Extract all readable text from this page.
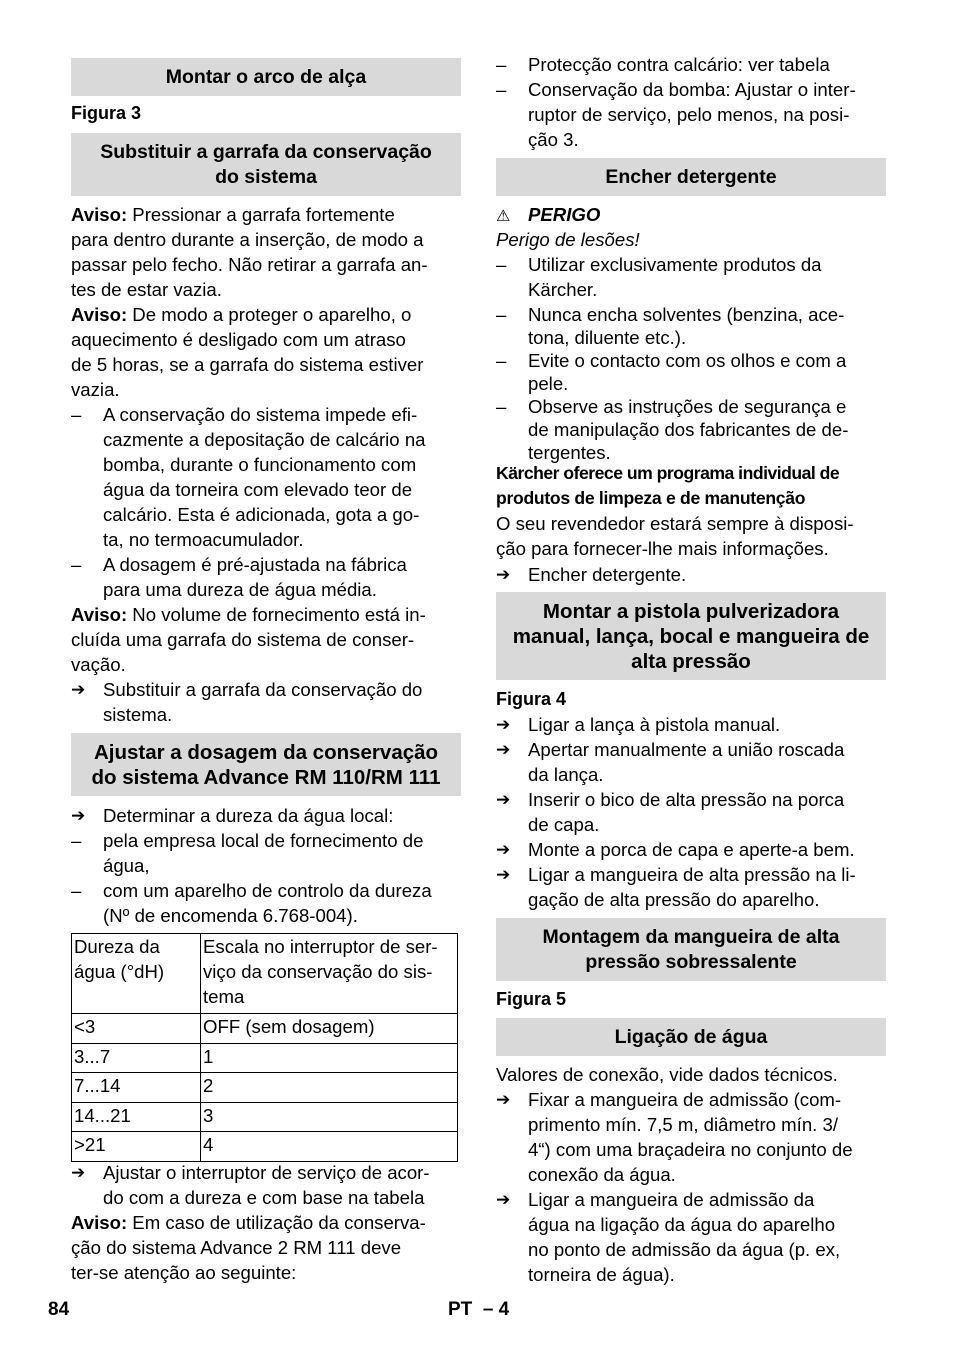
Montar o arco de alça
Figura 3
Substituir a garrafa da conservação
do sistema
Aviso: Pressionar a garrafa fortemente
para dentro durante a inserção, de modo a
passar pelo fecho. Não retirar a garrafa an-
tes de estar vazia.
Aviso: De modo a proteger o aparelho, o
aquecimento é desligado com um atraso
de 5 horas, se a garrafa do sistema estiver
vazia.
– A conservação do sistema impede efi-
cazmente a depositação de calcário na
bomba, durante o funcionamento com
água da torneira com elevado teor de
calcário. Esta é adicionada, gota a go-
ta, no termoacumulador.
– A dosagem é pré-ajustada na fábrica
para uma dureza de água média.
Aviso: No volume de fornecimento está in-
cluída uma garrafa do sistema de conser-
vação.
➔ Substituir a garrafa da conservação do
sistema.
Ajustar a dosagem da conservação
do sistema Advance RM 110/RM 111
➔ Determinar a dureza da água local:
– pela empresa local de fornecimento de
água,
– com um aparelho de controlo da dureza
(Nº de encomenda 6.768-004).
Dureza da
água (°dH)	Escala no interruptor de ser-
viço da conservação do sis-
tema
<3	OFF (sem dosagem)
3...7	1
7...14	2
14...21	3
>21	4
➔ Ajustar o interruptor de serviço de acor-
do com a dureza e com base na tabela
Aviso: Em caso de utilização da conserva-
ção do sistema Advance 2 RM 111 deve
ter-se atenção ao seguinte:
– Protecção contra calcário: ver tabela
– Conservação da bomba: Ajustar o inter-
ruptor de serviço, pelo menos, na posi-
ção 3.
Encher detergente
⚠ PERIGO
Perigo de lesões!
– Utilizar exclusivamente produtos da
Kärcher.
– Nunca encha solventes (benzina, ace-
tona, diluente etc.).
– Evite o contacto com os olhos e com a
pele.
– Observe as instruções de segurança e
de manipulação dos fabricantes de de-
tergentes.
Kärcher oferece um programa individual de
produtos de limpeza e de manutenção
O seu revendedor estará sempre à disposi-
ção para fornecer-lhe mais informações.
➔ Encher detergente.
Montar a pistola pulverizadora
manual, lança, bocal e mangueira de
alta pressão
Figura 4
➔ Ligar a lança à pistola manual.
➔ Apertar manualmente a união roscada
da lança.
➔ Inserir o bico de alta pressão na porca
de capa.
➔ Monte a porca de capa e aperte-a bem.
➔ Ligar a mangueira de alta pressão na li-
gação de alta pressão do aparelho.
Montagem da mangueira de alta
pressão sobressalente
Figura 5
Ligação de água
Valores de conexão, vide dados técnicos.
➔ Fixar a mangueira de admissão (com-
primento mín. 7,5 m, diâmetro mín. 3/
4“) com uma braçadeira no conjunto de
conexão da água.
➔ Ligar a mangueira de admissão da
água na ligação da água do aparelho
no ponto de admissão da água (p. ex,
torneira de água).
84	PT  – 4
